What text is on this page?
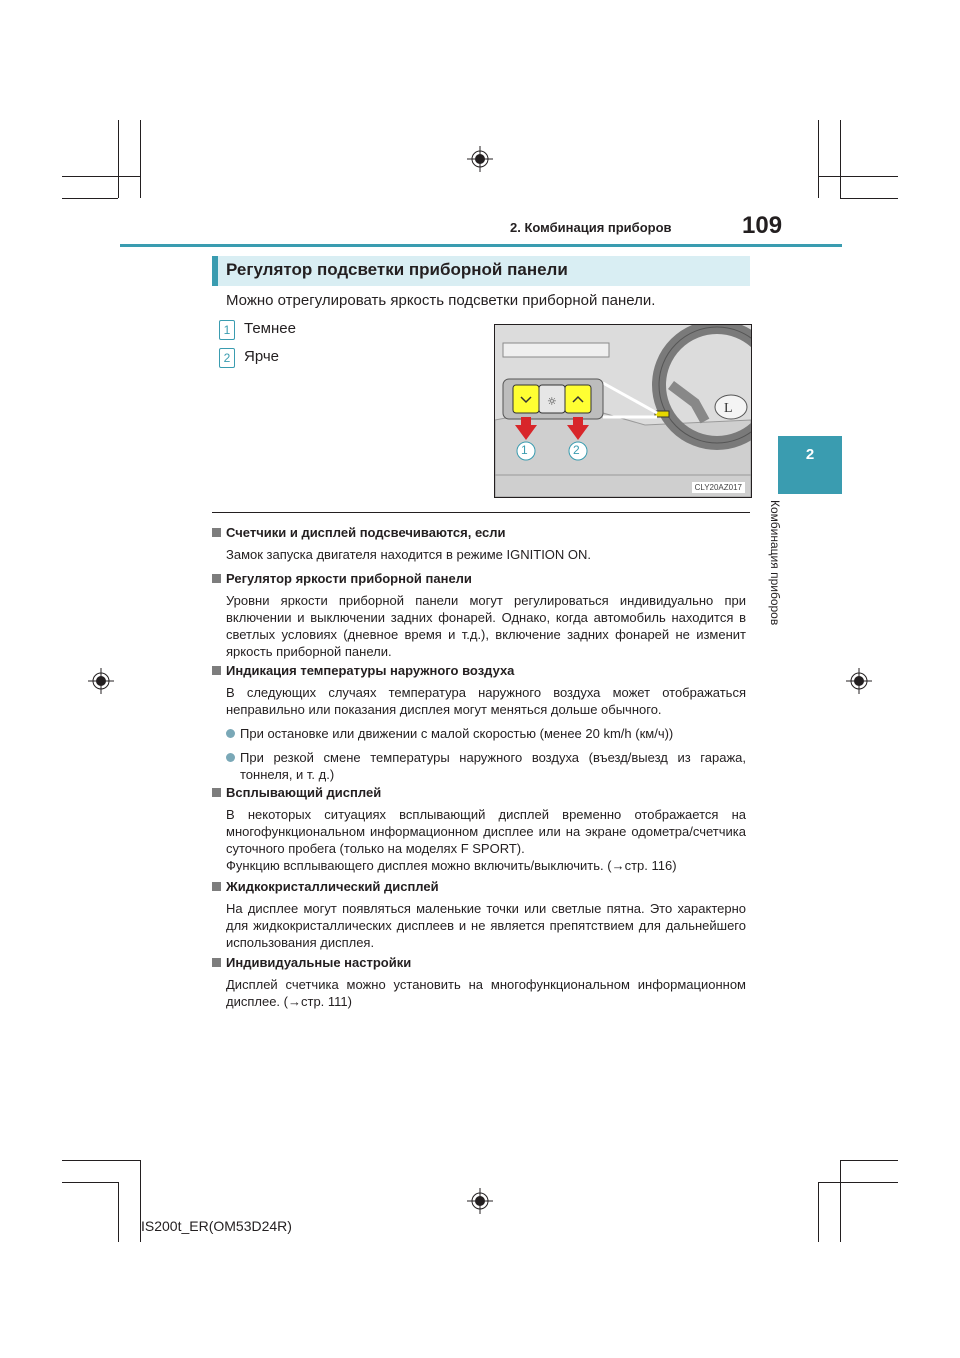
2. Комбинация приборов	109
2
Комбинация приборов
Регулятор подсветки приборной панели
Можно отрегулировать яркость подсветки приборной панели.
1 Темнее
2 Ярче
L
☼
1	2
CLY20AZ017
Счетчики и дисплей подсвечиваются, если
Замок запуска двигателя находится в режиме IGNITION ON.
Регулятор яркости приборной панели
Уровни яркости приборной панели могут регулироваться индивидуально при включении и выключении задних фонарей. Однако, когда автомобиль находится в светлых условиях (дневное время и т.д.), включение задних фонарей не изменит яркость приборной панели.
Индикация температуры наружного воздуха
В следующих случаях температура наружного воздуха может отображаться неправильно или показания дисплея могут меняться дольше обычного.
При остановке или движении с малой скоростью (менее 20 km/h (км/ч))
При резкой смене температуры наружного воздуха (въезд/выезд из гаража, тоннеля, и т. д.)
Всплывающий дисплей
В некоторых ситуациях всплывающий дисплей временно отображается на многофункциональном информационном дисплее или на экране одометра/счетчика суточного пробега (только на моделях F SPORT).
Функцию всплывающего дисплея можно включить/выключить. (→стр. 116)
Жидкокристаллический дисплей
На дисплее могут появляться маленькие точки или светлые пятна. Это характерно для жидкокристаллических дисплеев и не является препятствием для дальнейшего использования дисплея.
Индивидуальные настройки
Дисплей счетчика можно установить на многофункциональном информационном дисплее. (→стр. 111)
IS200t_ER(OM53D24R)
